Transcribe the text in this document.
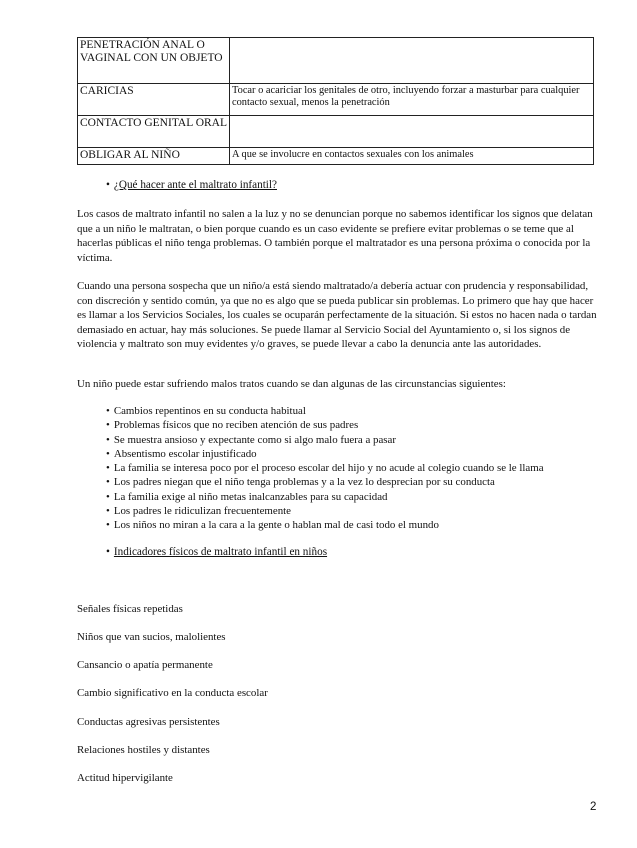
PENETRACIÓN ANAL O VAGINAL CON UN OBJETO	
CARICIAS	Tocar o acariciar los genitales de otro, incluyendo forzar a masturbar para cualquier contacto sexual, menos la penetración
CONTACTO GENITAL ORAL	
OBLIGAR AL NIÑO	A que se involucre en contactos sexuales con los animales
• ¿Qué hacer ante el maltrato infantil?

Los casos de maltrato infantil no salen a la luz y no se denuncian porque no sabemos identificar los signos que delatan que a un niño le maltratan, o bien porque cuando es un caso evidente se prefiere evitar problemas o se teme que al hacerlas públicas el niño tenga problemas. O también porque el maltratador es una persona próxima o conocida por la víctima.

Cuando una persona sospecha que un niño/a está siendo maltratado/a debería actuar con prudencia y responsabilidad, con discreción y sentido común, ya que no es algo que se pueda publicar sin problemas. Lo primero que hay que hacer es llamar a los Servicios Sociales, los cuales se ocuparán perfectamente de la situación. Si estos no hacen nada o tardan demasiado en actuar, hay más soluciones. Se puede llamar al Servicio Social del Ayuntamiento o, si los signos de violencia y maltrato son muy evidentes y/o graves, se puede llevar a cabo la denuncia ante las autoridades.

Un niño puede estar sufriendo malos tratos cuando se dan algunas de las circunstancias siguientes:

• Cambios repentinos en su conducta habitual
• Problemas físicos que no reciben atención de sus padres
• Se muestra ansioso y expectante como si algo malo fuera a pasar
• Absentismo escolar injustificado
• La familia se interesa poco por el proceso escolar del hijo y no acude al colegio cuando se le llama
• Los padres niegan que el niño tenga problemas y a la vez lo desprecian por su conducta
• La familia exige al niño metas inalcanzables para su capacidad
• Los padres le ridiculizan frecuentemente
• Los niños no miran a la cara a la gente o hablan mal de casi todo el mundo
• Indicadores físicos de maltrato infantil en niños

Señales físicas repetidas

Niños que van sucios, malolientes

Cansancio o apatía permanente

Cambio significativo en la conducta escolar

Conductas agresivas persistentes

Relaciones hostiles y distantes

Actitud hipervigilante

2
